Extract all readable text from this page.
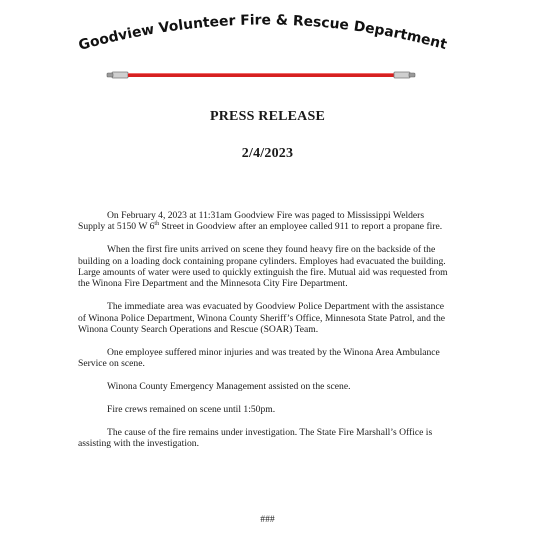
Goodview Volunteer Fire & Rescue Department
PRESS RELEASE
2/4/2023

On February 4, 2023 at 11:31am Goodview Fire was paged to Mississippi Welders Supply at 5150 W 6th Street in Goodview after an employee called 911 to report a propane fire.

When the first fire units arrived on scene they found heavy fire on the backside of the building on a loading dock containing propane cylinders. Employes had evacuated the building. Large amounts of water were used to quickly extinguish the fire. Mutual aid was requested from the Winona Fire Department and the Minnesota City Fire Department.

The immediate area was evacuated by Goodview Police Department with the assistance of Winona Police Department, Winona County Sheriff’s Office, Minnesota State Patrol, and the Winona County Search Operations and Rescue (SOAR) Team.

One employee suffered minor injuries and was treated by the Winona Area Ambulance Service on scene.

Winona County Emergency Management assisted on the scene.

Fire crews remained on scene until 1:50pm.

The cause of the fire remains under investigation. The State Fire Marshall’s Office is assisting with the investigation.

###
